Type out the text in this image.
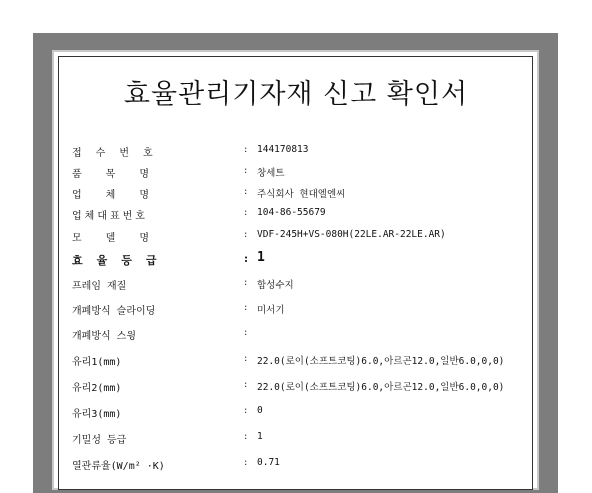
효율관리기자재 신고 확인서
접수번호	: 144170813
품목명	: 창세트
업체명	: 주식회사 현대엘엔씨
업체대표번호	: 104-86-55679
모델명	: VDF-245H+VS-080H(22LE.AR-22LE.AR)
효율등급	: 1
프레임 재질	: 합성수지
개폐방식 슬라이딩	: 미서기
개폐방식 스윙	:
유리1(mm)	: 22.0(로이(소프트코팅)6.0,아르곤12.0,일반6.0,0,0)
유리2(mm)	: 22.0(로이(소프트코팅)6.0,아르곤12.0,일반6.0,0,0)
유리3(mm)	: 0
기밀성 등급	: 1
열관류율(W/m² ·K)	: 0.71
